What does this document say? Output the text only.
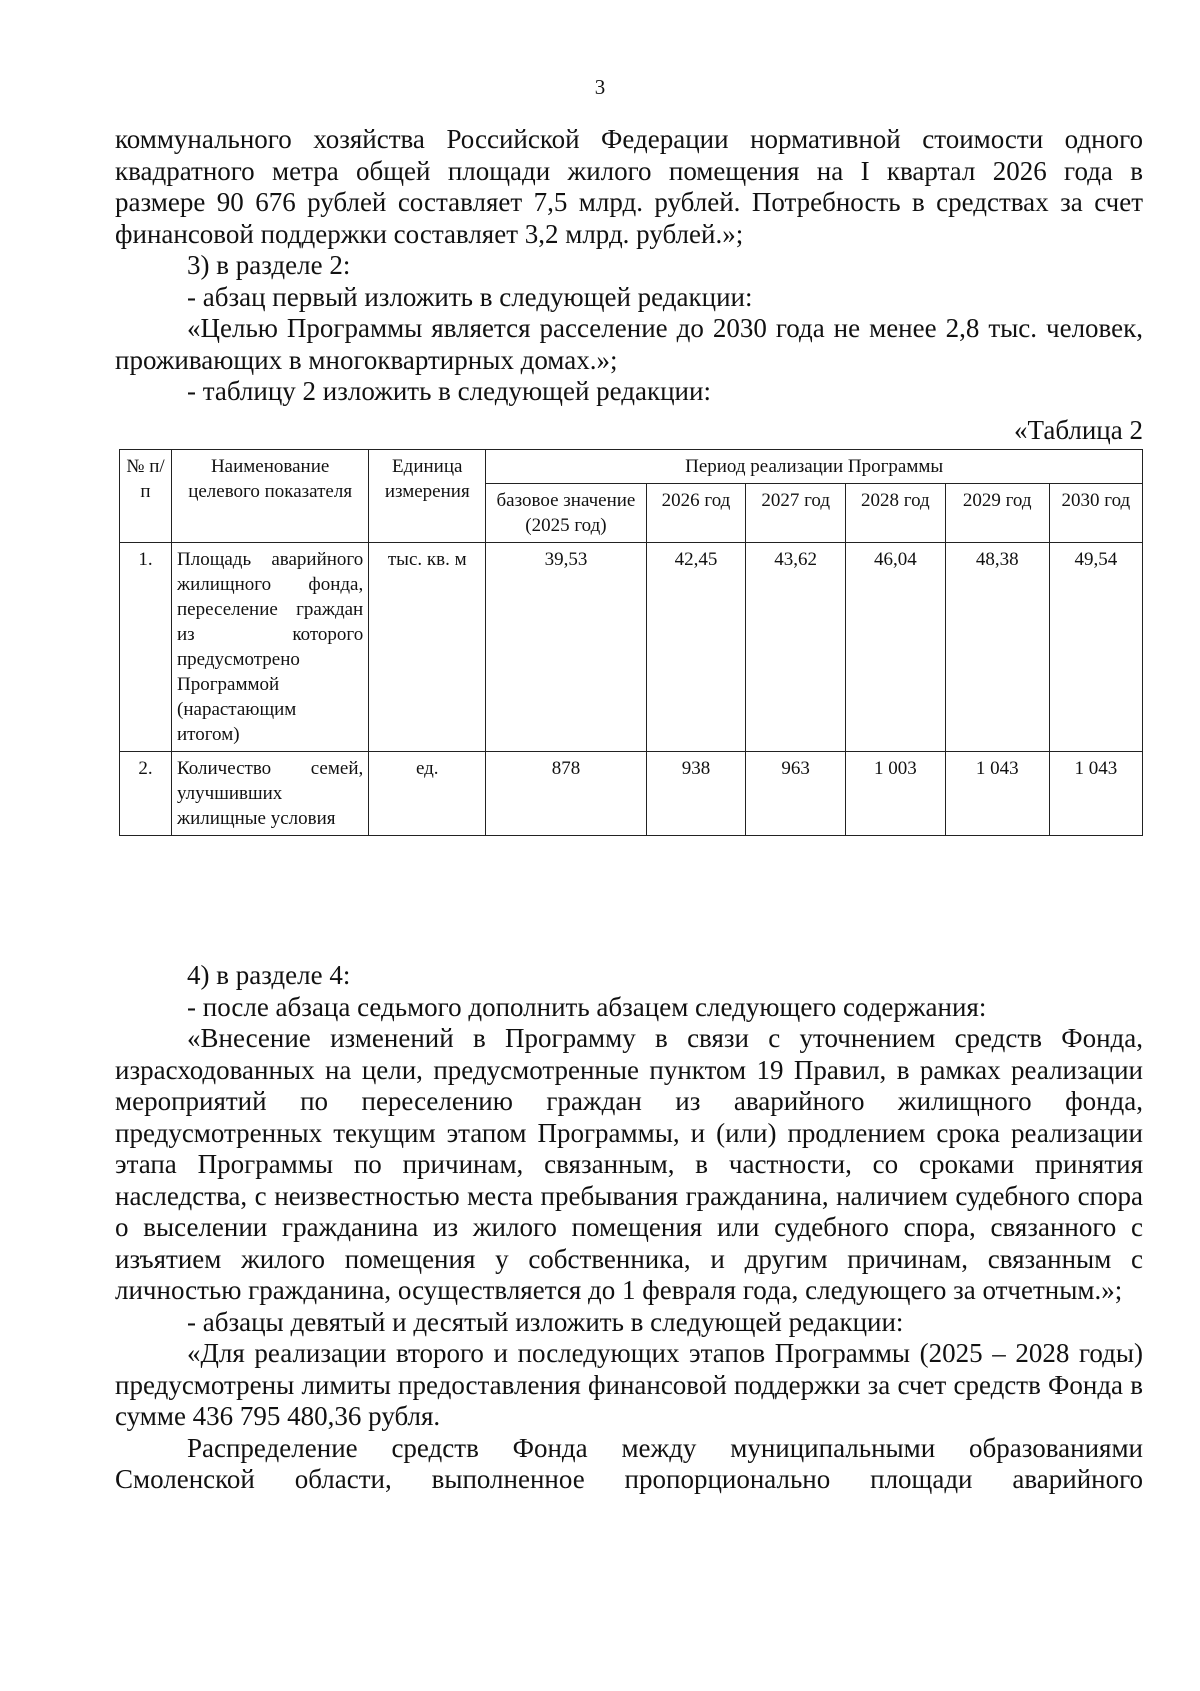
3

коммунального хозяйства Российской Федерации нормативной стоимости одного

квадратного метра общей площади жилого помещения на I квартал 2026 года в

размере 90 676 рублей составляет 7,5 млрд. рублей. Потребность в средствах за счет

финансовой поддержки составляет 3,2 млрд. рублей.»;

3) в разделе 2:

- абзац первый изложить в следующей редакции:

«Целью Программы является расселение до 2030 года не менее 2,8 тыс. человек,

проживающих в многоквартирных домах.»;

- таблицу 2 изложить в следующей редакции:

«Таблица 2
№ п/п	Наименование целевого показателя	Единица измерения	Период реализации Программы					
			базовое значение (2025 год)	2026 год	2027 год	2028 год	2029 год	2030 год
1.	Площадь аварийного жилищного фонда, переселение граждан из которого предусмотрено Программой (нарастающим итогом)	тыс. кв. м	39,53	42,45	43,62	46,04	48,38	49,54
2.	Количество семей, улучшивших жилищные условия	ед.	878	938	963	1 003	1 043	1 043

4) в разделе 4:

- после абзаца седьмого дополнить абзацем следующего содержания:

«Внесение изменений в Программу в связи с уточнением средств Фонда, израсходованных на цели, предусмотренные пунктом 19 Правил, в рамках реализации мероприятий по переселению граждан из аварийного жилищного фонда, предусмотренных текущим этапом Программы, и (или) продлением срока реализации этапа Программы по причинам, связанным, в частности, со сроками принятия наследства, с неизвестностью места пребывания гражданина, наличием судебного спора о выселении гражданина из жилого помещения или судебного спора, связанного с изъятием жилого помещения у собственника, и другим причинам, связанным с личностью гражданина, осуществляется до 1 февраля года, следующего за отчетным.»;

- абзацы девятый и десятый изложить в следующей редакции:

«Для реализации второго и последующих этапов Программы (2025 – 2028 годы) предусмотрены лимиты предоставления финансовой поддержки за счет средств Фонда в сумме 436 795 480,36 рубля.

Распределение средств Фонда между муниципальными образованиями Смоленской области, выполненное пропорционально площади аварийного
